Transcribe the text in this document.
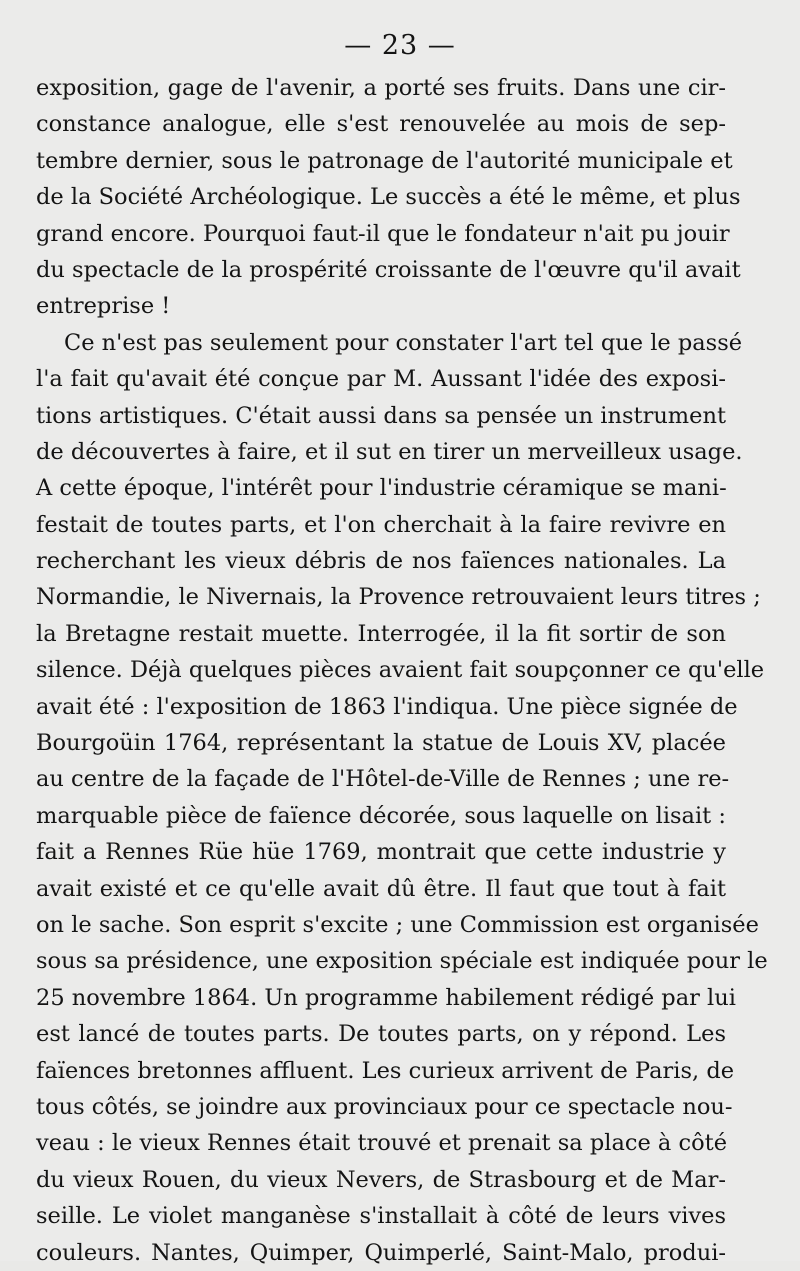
— 23 —
exposition, gage de l'avenir, a porté ses fruits. Dans une cir-
constance analogue, elle s'est renouvelée au mois de sep-
tembre dernier, sous le patronage de l'autorité municipale et
de la Société Archéologique. Le succès a été le même, et plus
grand encore. Pourquoi faut-il que le fondateur n'ait pu jouir
du spectacle de la prospérité croissante de l'œuvre qu'il avait
entreprise !
Ce n'est pas seulement pour constater l'art tel que le passé
l'a fait qu'avait été conçue par M. Aussant l'idée des exposi-
tions artistiques. C'était aussi dans sa pensée un instrument
de découvertes à faire, et il sut en tirer un merveilleux usage.
A cette époque, l'intérêt pour l'industrie céramique se mani-
festait de toutes parts, et l'on cherchait à la faire revivre en
recherchant les vieux débris de nos faïences nationales. La
Normandie, le Nivernais, la Provence retrouvaient leurs titres ;
la Bretagne restait muette. Interrogée, il la fit sortir de son
silence. Déjà quelques pièces avaient fait soupçonner ce qu'elle
avait été : l'exposition de 1863 l'indiqua. Une pièce signée de
Bourgoüin 1764, représentant la statue de Louis XV, placée
au centre de la façade de l'Hôtel-de-Ville de Rennes ; une re-
marquable pièce de faïence décorée, sous laquelle on lisait :
fait a Rennes Rüe hüe 1769, montrait que cette industrie y
avait existé et ce qu'elle avait dû être. Il faut que tout à fait
on le sache. Son esprit s'excite ; une Commission est organisée
sous sa présidence, une exposition spéciale est indiquée pour le
25 novembre 1864. Un programme habilement rédigé par lui
est lancé de toutes parts. De toutes parts, on y répond. Les
faïences bretonnes affluent. Les curieux arrivent de Paris, de
tous côtés, se joindre aux provinciaux pour ce spectacle nou-
veau : le vieux Rennes était trouvé et prenait sa place à côté
du vieux Rouen, du vieux Nevers, de Strasbourg et de Mar-
seille. Le violet manganèse s'installait à côté de leurs vives
couleurs. Nantes, Quimper, Quimperlé, Saint-Malo, produi-
